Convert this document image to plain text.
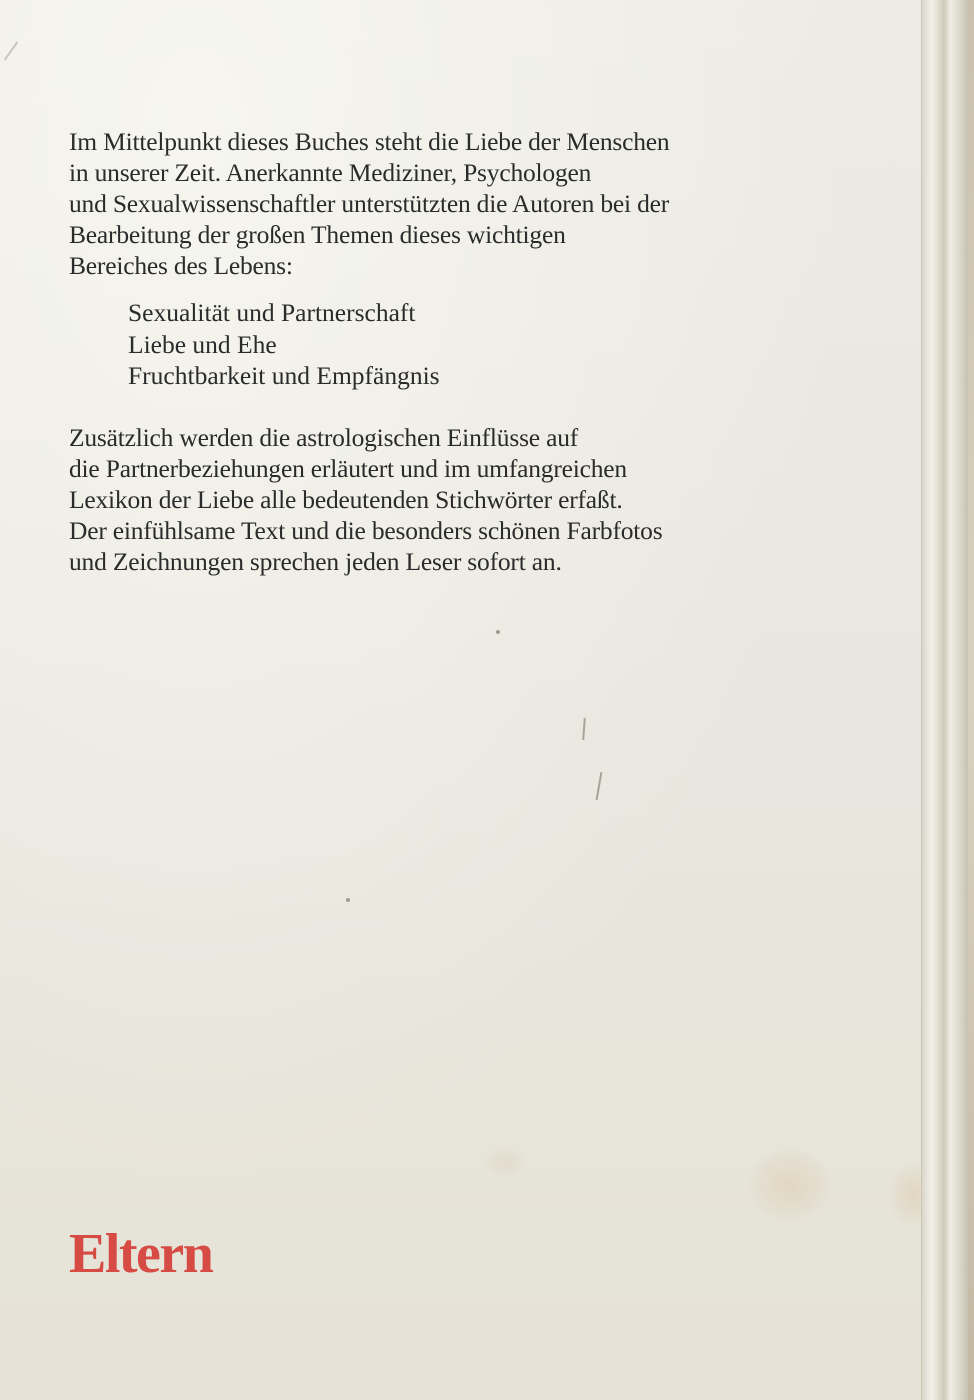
Im Mittelpunkt dieses Buches steht die Liebe der Menschen
in unserer Zeit. Anerkannte Mediziner, Psychologen
und Sexualwissenschaftler unterstützten die Autoren bei der
Bearbeitung der großen Themen dieses wichtigen
Bereiches des Lebens:
Sexualität und Partnerschaft
Liebe und Ehe
Fruchtbarkeit und Empfängnis
Zusätzlich werden die astrologischen Einflüsse auf
die Partnerbeziehungen erläutert und im umfangreichen
Lexikon der Liebe alle bedeutenden Stichwörter erfaßt.
Der einfühlsame Text und die besonders schönen Farbfotos
und Zeichnungen sprechen jeden Leser sofort an.
Eltern
